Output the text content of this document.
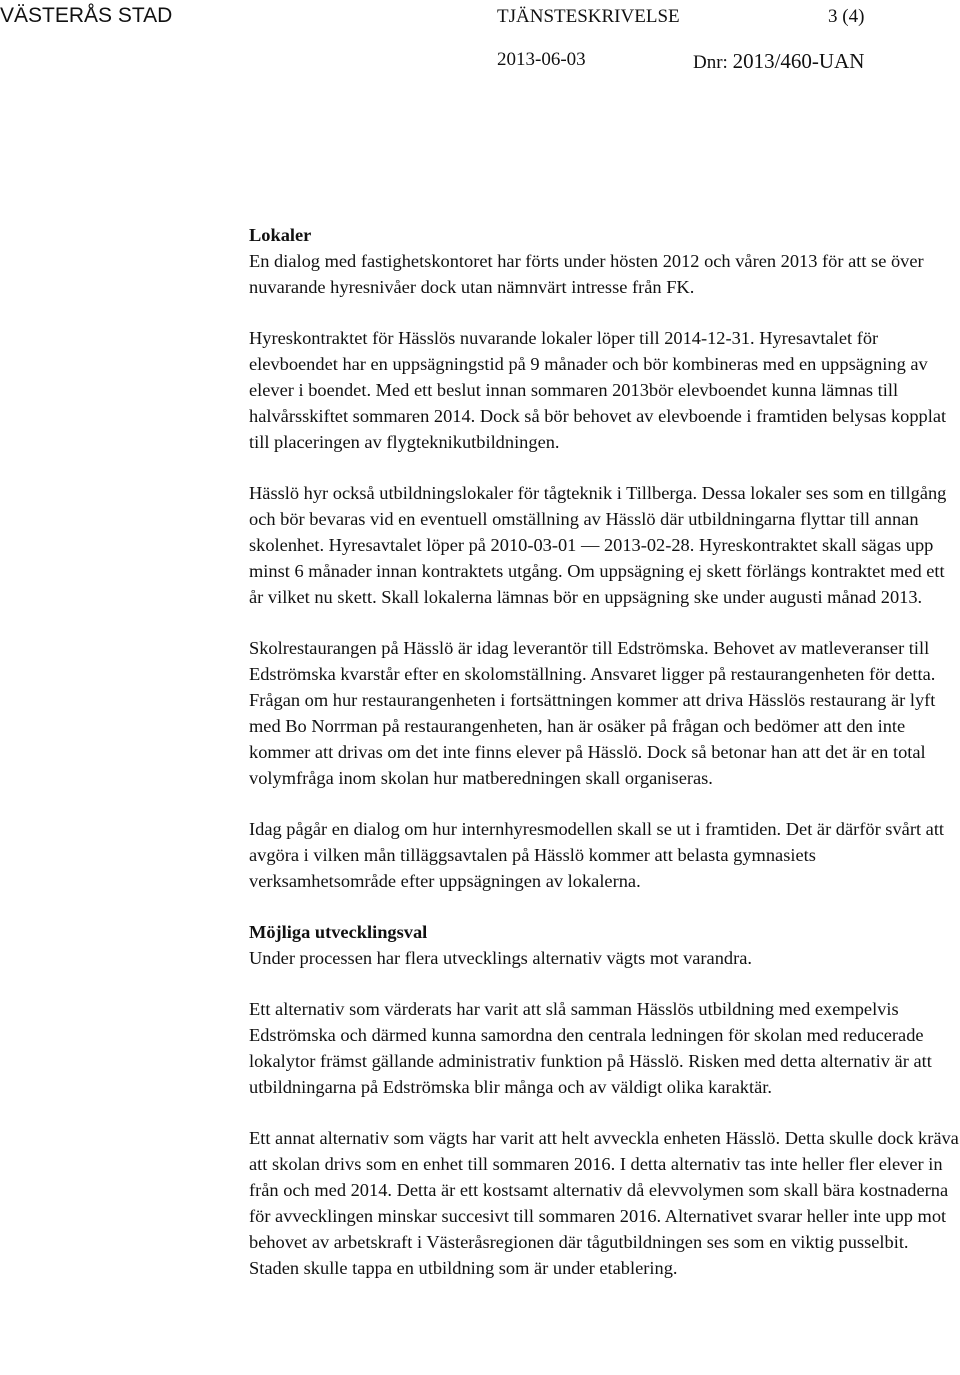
VÄSTERÅS STAD	TJÄNSTESKRIVELSE	3 (4)
2013-06-03	Dnr: 2013/460-UAN
Lokaler

En dialog med fastighetskontoret har förts under hösten 2012 och våren 2013 för att se över nuvarande hyresnivåer dock utan nämnvärt intresse från FK.

Hyreskontraktet för Hässlös nuvarande lokaler löper till 2014-12-31. Hyresavtalet för elevboendet har en uppsägningstid på 9 månader och bör kombineras med en uppsägning av elever i boendet. Med ett beslut innan sommaren 2013bör elevboendet kunna lämnas till halvårsskiftet sommaren 2014. Dock så bör behovet av elevboende i framtiden belysas kopplat till placeringen av flygteknikutbildningen.

Hässlö hyr också utbildningslokaler för tågteknik i Tillberga. Dessa lokaler ses som en tillgång och bör bevaras vid en eventuell omställning av Hässlö där utbildningarna flyttar till annan skolenhet. Hyresavtalet löper på 2010-03-01 — 2013-02-28. Hyreskontraktet skall sägas upp minst 6 månader innan kontraktets utgång. Om uppsägning ej skett förlängs kontraktet med ett år vilket nu skett. Skall lokalerna lämnas bör en uppsägning ske under augusti månad 2013.

Skolrestaurangen på Hässlö är idag leverantör till Edströmska. Behovet av matleveranser till Edströmska kvarstår efter en skolomställning. Ansvaret ligger på restaurangenheten för detta. Frågan om hur restaurangenheten i fortsättningen kommer att driva Hässlös restaurang är lyft med Bo Norrman på restaurangenheten, han är osäker på frågan och bedömer att den inte kommer att drivas om det inte finns elever på Hässlö. Dock så betonar han att det är en total volymfråga inom skolan hur matberedningen skall organiseras.

Idag pågår en dialog om hur internhyresmodellen skall se ut i framtiden. Det är därför svårt att avgöra i vilken mån tilläggsavtalen på Hässlö kommer att belasta gymnasiets verksamhetsområde efter uppsägningen av lokalerna.

Möjliga utvecklingsval

Under processen har flera utvecklings alternativ vägts mot varandra.

Ett alternativ som värderats har varit att slå samman Hässlös utbildning med exempelvis Edströmska och därmed kunna samordna den centrala ledningen för skolan med reducerade lokalytor främst gällande administrativ funktion på Hässlö. Risken med detta alternativ är att utbildningarna på Edströmska blir många och av väldigt olika karaktär.

Ett annat alternativ som vägts har varit att helt avveckla enheten Hässlö. Detta skulle dock kräva att skolan drivs som en enhet till sommaren 2016. I detta alternativ tas inte heller fler elever in från och med 2014. Detta är ett kostsamt alternativ då elevvolymen som skall bära kostnaderna för avvecklingen minskar succesivt till sommaren 2016. Alternativet svarar heller inte upp mot behovet av arbetskraft i Västeråsregionen där tågutbildningen ses som en viktig pusselbit. Staden skulle tappa en utbildning som är under etablering.
